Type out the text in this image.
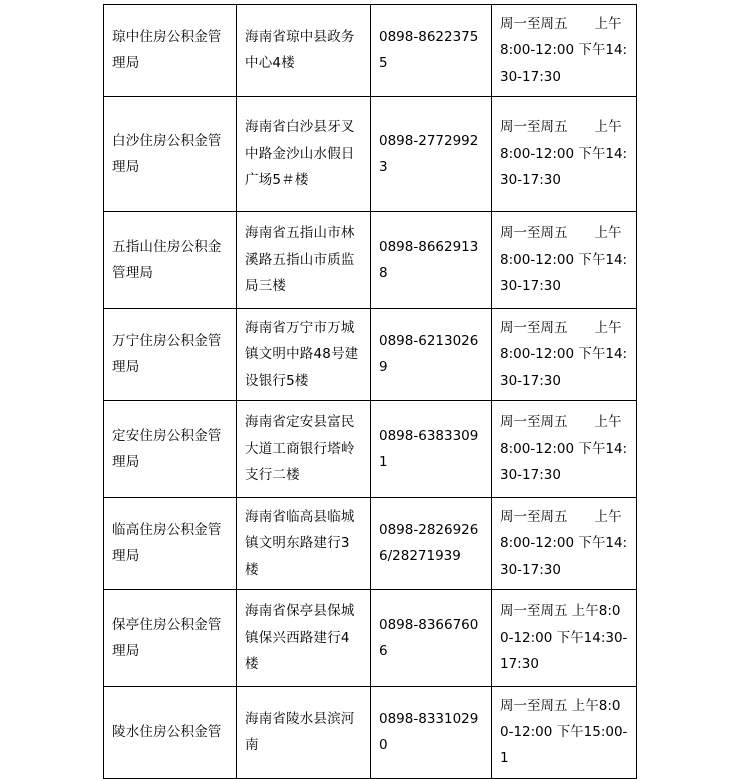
琼中住房公积金管理局	海南省琼中县政务中心4楼	0898-86223755	周一至周五　　上午8:00-12:00 下午14:30-17:30
白沙住房公积金管理局	海南省白沙县牙叉中路金沙山水假日广场5＃楼	0898-27729923	周一至周五　　上午8:00-12:00 下午14:30-17:30
五指山住房公积金管理局	海南省五指山市林溪路五指山市质监局三楼	0898-86629138	周一至周五　　上午8:00-12:00 下午14:30-17:30
万宁住房公积金管理局	海南省万宁市万城镇文明中路48号建设银行5楼	0898-62130269	周一至周五　　上午8:00-12:00 下午14:30-17:30
定安住房公积金管理局	海南省定安县富民大道工商银行塔岭支行二楼	0898-63833091	周一至周五　　上午8:00-12:00 下午14:30-17:30
临高住房公积金管理局	海南省临高县临城镇文明东路建行3楼	0898-28269266/28271939	周一至周五　　上午8:00-12:00 下午14:30-17:30
保亭住房公积金管理局	海南省保亭县保城镇保兴西路建行4楼	0898-83667606	周一至周五 上午8:00-12:00 下午14:30-17:30
陵水住房公积金管	海南省陵水县滨河南	0898-83310290	周一至周五 上午8:00-12:00 下午15:00-1
